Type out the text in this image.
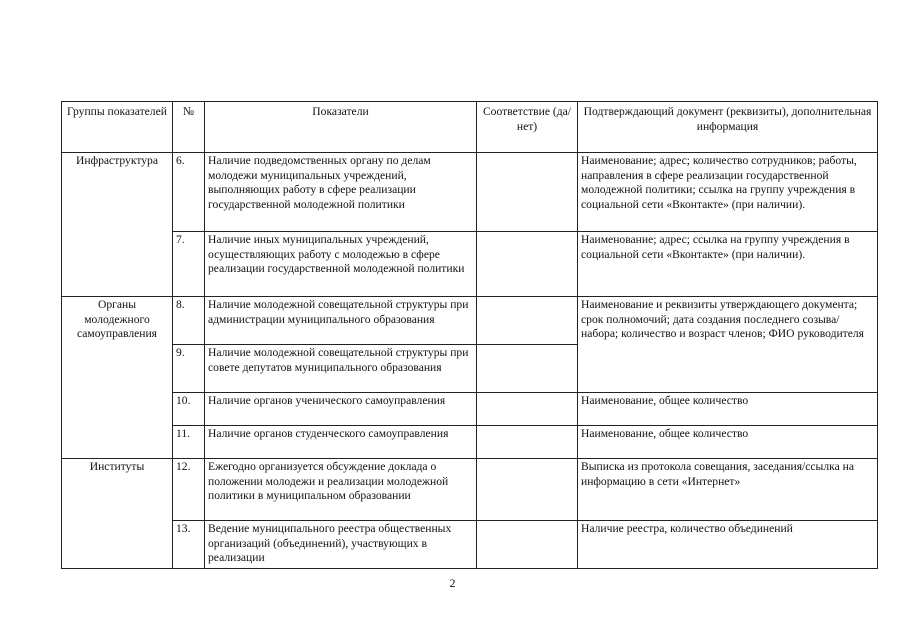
Группы показателей	№	Показатели	Соответствие (да/ нет)	Подтверждающий документ (реквизиты), дополнительная информация
Инфраструктура	6.	Наличие подведомственных органу по делам молодежи муниципальных учреждений, выполняющих работу в сфере реализации государственной молодежной политики		Наименование; адрес; количество сотрудников; работы, направления в сфере реализации государственной молодежной политики; ссылка на группу учреждения в социальной сети «Вконтакте» (при наличии).
	7.	Наличие иных муниципальных учреждений, осуществляющих работу с молодежью в сфере реализации государственной молодежной политики		Наименование; адрес; ссылка на группу учреждения в социальной сети «Вконтакте» (при наличии).
Органы молодежного самоуправления	8.	Наличие молодежной совещательной структуры при администрации муниципального образования		Наименование и реквизиты утверждающего документа; срок полномочий; дата создания последнего созыва/набора; количество и возраст членов; ФИО руководителя
	9.	Наличие молодежной совещательной структуры при совете депутатов муниципального образования		
	10.	Наличие органов ученического самоуправления		Наименование, общее количество
	11.	Наличие органов студенческого самоуправления		Наименование, общее количество
Институты	12.	Ежегодно организуется обсуждение доклада о положении молодежи и реализации молодежной политики в муниципальном образовании		Выписка из протокола совещания, заседания/ссылка на информацию в сети «Интернет»
	13.	Ведение муниципального реестра общественных организаций (объединений), участвующих в реализации		Наличие реестра, количество объединений
2
